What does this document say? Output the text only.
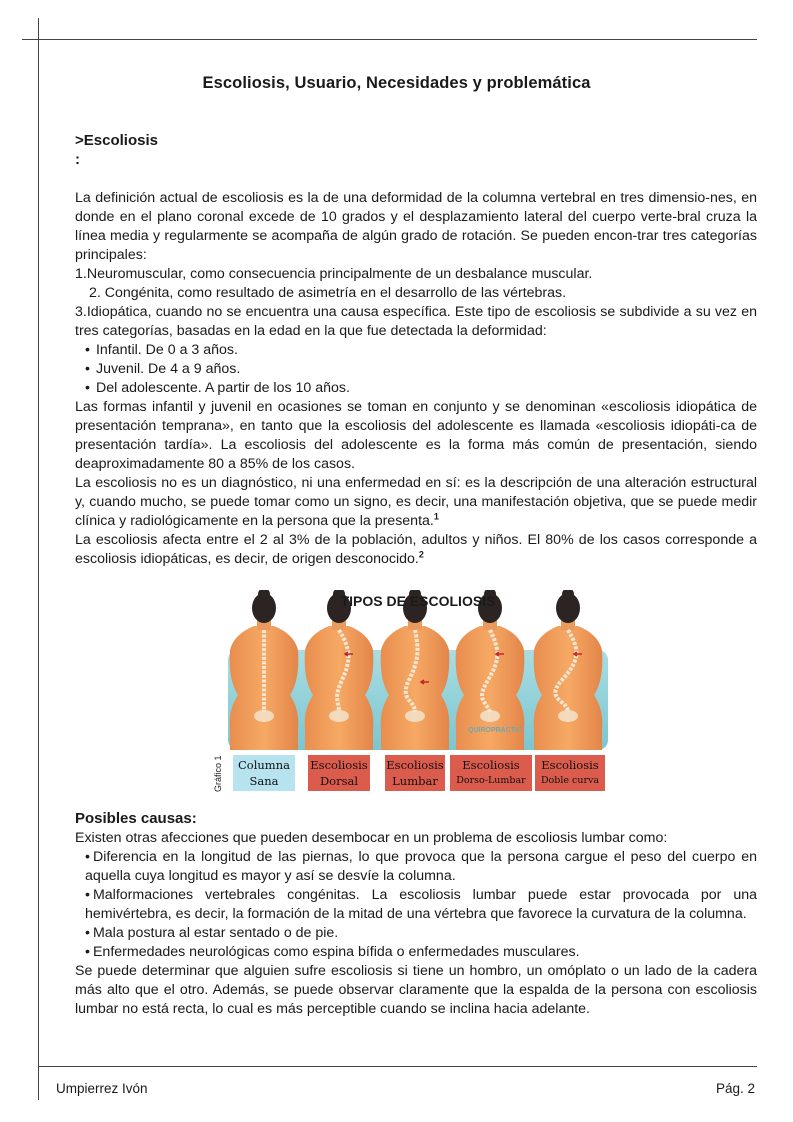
Escoliosis, Usuario, Necesidades y problemática
>Escoliosis
:

La definición actual de escoliosis es la de una deformidad de la columna vertebral en tres dimensio-nes, en donde en el plano coronal excede de 10 grados y el desplazamiento lateral del cuerpo verte-bral cruza la línea media y regularmente se acompaña de algún grado de rotación. Se pueden encon-trar tres categorías principales:

1.Neuromuscular, como consecuencia principalmente de un desbalance muscular.

2. Congénita, como resultado de asimetría en el desarrollo de las vértebras.

3.Idiopática, cuando no se encuentra una causa específica. Este tipo de escoliosis se subdivide a su vez en tres categorías, basadas en la edad en la que fue detectada la deformidad:

• Infantil. De 0 a 3 años.

• Juvenil. De 4 a 9 años.

• Del adolescente. A partir de los 10 años.

Las formas infantil y juvenil en ocasiones se toman en conjunto y se denominan «escoliosis idiopática de presentación temprana», en tanto que la escoliosis del adolescente es llamada «escoliosis idiopáti-ca de presentación tardía». La escoliosis del adolescente es la forma más común de presentación, siendo deaproximadamente 80 a 85% de los casos.

La escoliosis no es un diagnóstico, ni una enfermedad en sí: es la descripción de una alteración estructural y, cuando mucho, se puede tomar como un signo, es decir, una manifestación objetiva, que se puede medir clínica y radiológicamente en la persona que la presenta.$^1$

La escoliosis afecta entre el 2 al 3% de la población, adultos y niños. El 80% de los casos corresponde a escoliosis idiopáticas, es decir, de origen desconocido.$^2$

TIPOS DE ESCOLIOSIS
QUIROPRACTIC
Columna
Sana
Escoliosis
Dorsal
Escoliosis
Lumbar
Escoliosis
Dorso-Lumbar
Escoliosis
Doble curva
Gráfico 1
Posibles causas:

Existen otras afecciones que pueden desembocar en un problema de escoliosis lumbar como:

• Diferencia en la longitud de las piernas, lo que provoca que la persona cargue el peso del cuerpo en aquella cuya longitud es mayor y así se desvíe la columna.

• Malformaciones vertebrales congénitas. La escoliosis lumbar puede estar provocada por una hemivértebra, es decir, la formación de la mitad de una vértebra que favorece la curvatura de la columna.

• Mala postura al estar sentado o de pie.

• Enfermedades neurológicas como espina bífida o enfermedades musculares.

Se puede determinar que alguien sufre escoliosis si tiene un hombro, un omóplato o un lado de la cadera más alto que el otro. Además, se puede observar claramente que la espalda de la persona con escoliosis lumbar no está recta, lo cual es más perceptible cuando se inclina hacia adelante.

Umpierrez Ivón	Pág. 2
